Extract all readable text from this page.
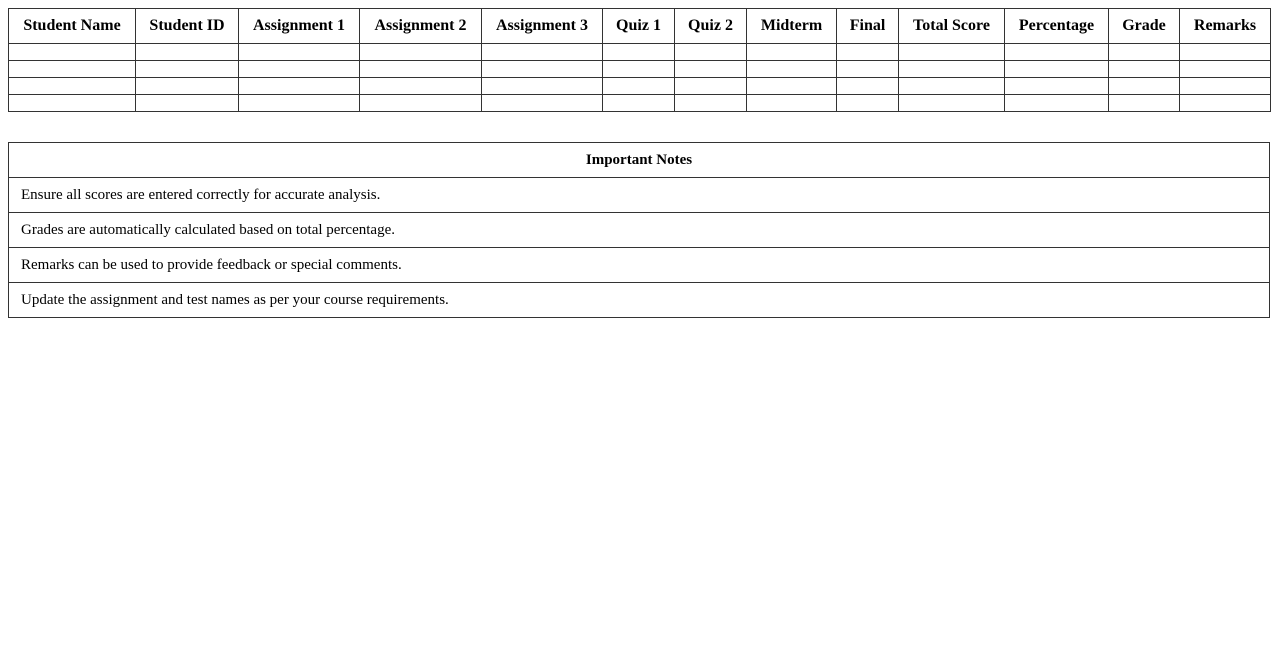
Student Name	Student ID	Assignment 1	Assignment 2	Assignment 3	Quiz 1	Quiz 2	Midterm	Final	Total Score	Percentage	Grade	Remarks

Important Notes
Ensure all scores are entered correctly for accurate analysis.
Grades are automatically calculated based on total percentage.
Remarks can be used to provide feedback or special comments.
Update the assignment and test names as per your course requirements.
